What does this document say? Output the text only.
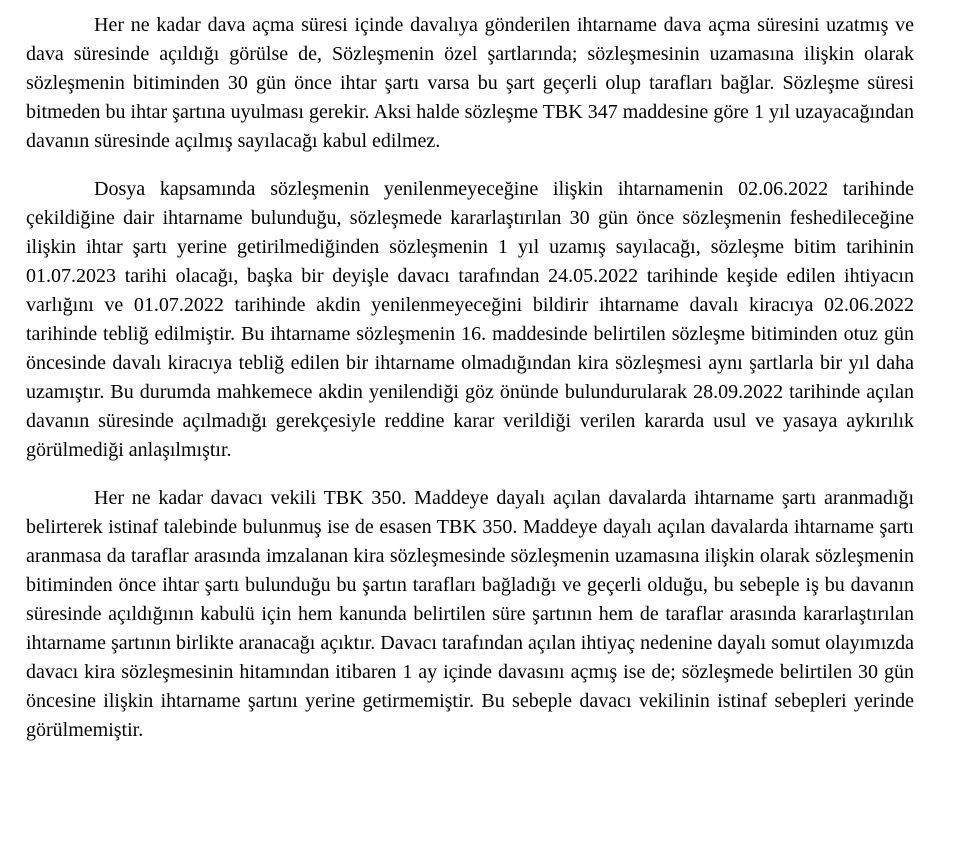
Her ne kadar dava açma süresi içinde davalıya gönderilen ihtarname dava açma süresini uzatmış ve dava süresinde açıldığı görülse de, Sözleşmenin özel şartlarında; sözleşmesinin uzamasına ilişkin olarak sözleşmenin bitiminden 30 gün önce ihtar şartı varsa bu şart geçerli olup tarafları bağlar. Sözleşme süresi bitmeden bu ihtar şartına uyulması gerekir. Aksi halde sözleşme TBK 347 maddesine göre 1 yıl uzayacağından davanın süresinde açılmış sayılacağı kabul edilmez.

Dosya kapsamında sözleşmenin yenilenmeyeceğine ilişkin ihtarnamenin 02.06.2022 tarihinde çekildiğine dair ihtarname bulunduğu, sözleşmede kararlaştırılan 30 gün önce sözleşmenin feshedileceğine ilişkin ihtar şartı yerine getirilmediğinden sözleşmenin 1 yıl uzamış sayılacağı, sözleşme bitim tarihinin 01.07.2023 tarihi olacağı, başka bir deyişle davacı tarafından 24.05.2022 tarihinde keşide edilen ihtiyacın varlığını ve 01.07.2022 tarihinde akdin yenilenmeyeceğini bildirir ihtarname davalı kiracıya 02.06.2022 tarihinde tebliğ edilmiştir. Bu ihtarname sözleşmenin 16. maddesinde belirtilen sözleşme bitiminden otuz gün öncesinde davalı kiracıya tebliğ edilen bir ihtarname olmadığından kira sözleşmesi aynı şartlarla bir yıl daha uzamıştır. Bu durumda mahkemece akdin yenilendiği göz önünde bulundurularak 28.09.2022 tarihinde açılan davanın süresinde açılmadığı gerekçesiyle reddine karar verildiği verilen kararda usul ve yasaya aykırılık görülmediği anlaşılmıştır.

Her ne kadar davacı vekili TBK 350. Maddeye dayalı açılan davalarda ihtarname şartı aranmadığı belirterek istinaf talebinde bulunmuş ise de esasen TBK 350. Maddeye dayalı açılan davalarda ihtarname şartı aranmasa da taraflar arasında imzalanan kira sözleşmesinde sözleşmenin uzamasına ilişkin olarak sözleşmenin bitiminden önce ihtar şartı bulunduğu bu şartın tarafları bağladığı ve geçerli olduğu, bu sebeple iş bu davanın süresinde açıldığının kabulü için hem kanunda belirtilen süre şartının hem de taraflar arasında kararlaştırılan ihtarname şartının birlikte aranacağı açıktır. Davacı tarafından açılan ihtiyaç nedenine dayalı somut olayımızda davacı kira sözleşmesinin hitamından itibaren 1 ay içinde davasını açmış ise de; sözleşmede belirtilen 30 gün öncesine ilişkin ihtarname şartını yerine getirmemiştir. Bu sebeple davacı vekilinin istinaf sebepleri yerinde görülmemiştir.
